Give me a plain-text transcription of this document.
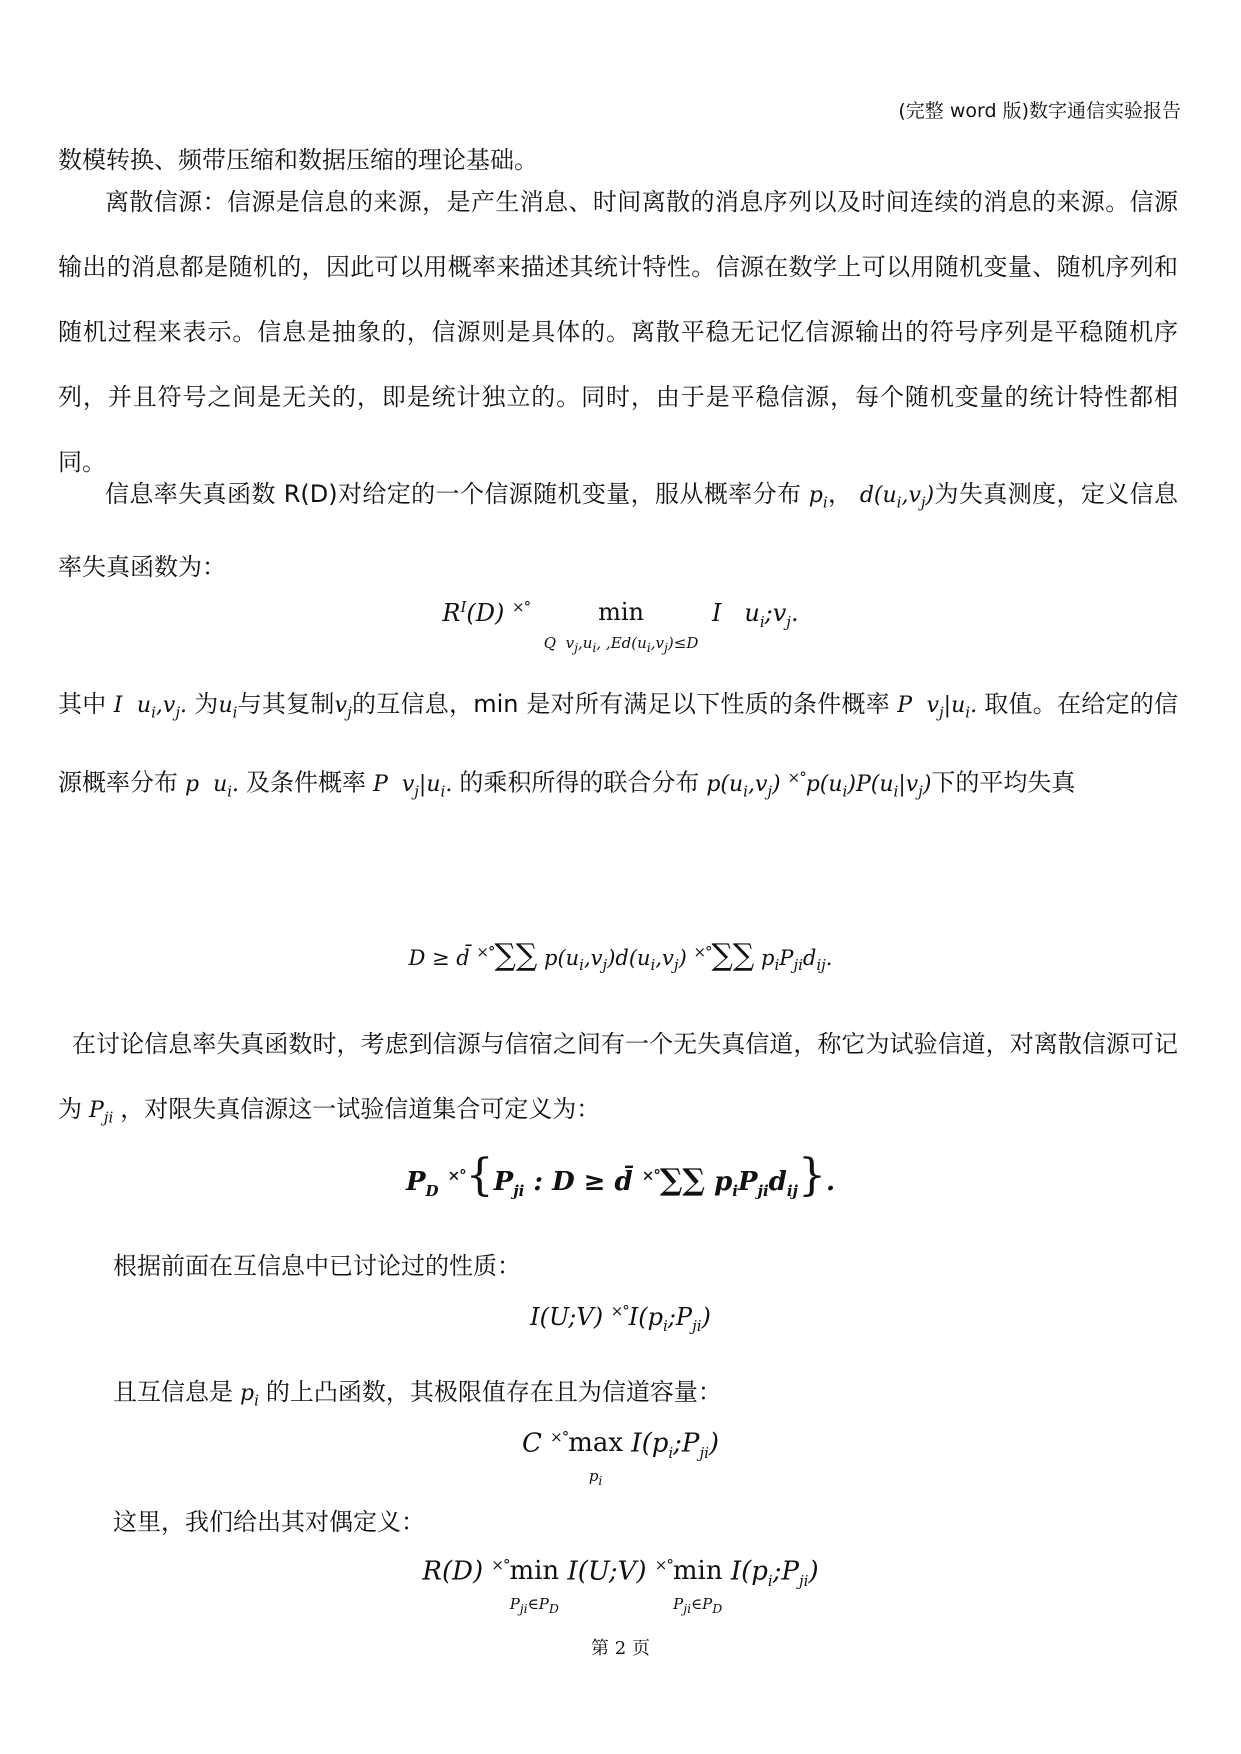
(完整 word 版)数字通信实验报告

数模转换、频带压缩和数据压缩的理论基础。

离散信源：信源是信息的来源，是产生消息、时间离散的消息序列以及时间连续的消息的来源。信源输出的消息都是随机的，因此可以用概率来描述其统计特性。信源在数学上可以用随机变量、随机序列和随机过程来表示。信息是抽象的，信源则是具体的。离散平稳无记忆信源输出的符号序列是平稳随机序列，并且符号之间是无关的，即是统计独立的。同时，由于是平稳信源，每个随机变量的统计特性都相同。

信息率失真函数 R(D)对给定的一个信源随机变量，服从概率分布 $p_i$， $d(u_i,v_j)$为失真测度，定义信息率失真函数为：

$R^I(D)$ ×°	min
Q  $v_j,u_i$, $,Ed(u_i,v_j)\le D$ I   $u_i;v_j$.

其中 I  $u_i,v_j$. 为$u_i$与其复制$v_j$的互信息，min 是对所有满足以下性质的条件概率 P  $v_j|u_i$. 取值。在给定的信源概率分布 p  $u_i$. 及条件概率 P  $v_j|u_i$. 的乘积所得的联合分布 $p(u_i,v_j)$ $^{\times^\circ}p(u_i)P(u_i|v_j)$下的平均失真

D ≥ d̄ ×°∑∑ $p(u_i,v_j)d(u_i,v_j)$ ×°∑∑ $p_iP_{ji}d_{ij}$.

在讨论信息率失真函数时，考虑到信源与信宿之间有一个无失真信道，称它为试验信道，对离散信源可记为 $P_{ji}$ ，对限失真信源这一试验信道集合可定义为：

$P_D$ $^{\times^\circ}\{P_{ji}$ : D ≥ d̄ ×°∑∑ $p_iP_{ji}d_{ij}$}.

根据前面在互信息中已讨论过的性质：

I(U;V) $^{\times^\circ}I(p_i;P_{ji})$

且互信息是 $p_i$ 的上凸函数，其极限值存在且为信道容量：

C ×°max
$p_i$ $I(p_i;P_{ji})$

这里，我们给出其对偶定义：

R(D) ×°min
$P_{ji}\in P_D$ I(U;V) ×°min
$P_{ji}\in P_D$ $I(p_i;P_{ji})$
第 2 页
